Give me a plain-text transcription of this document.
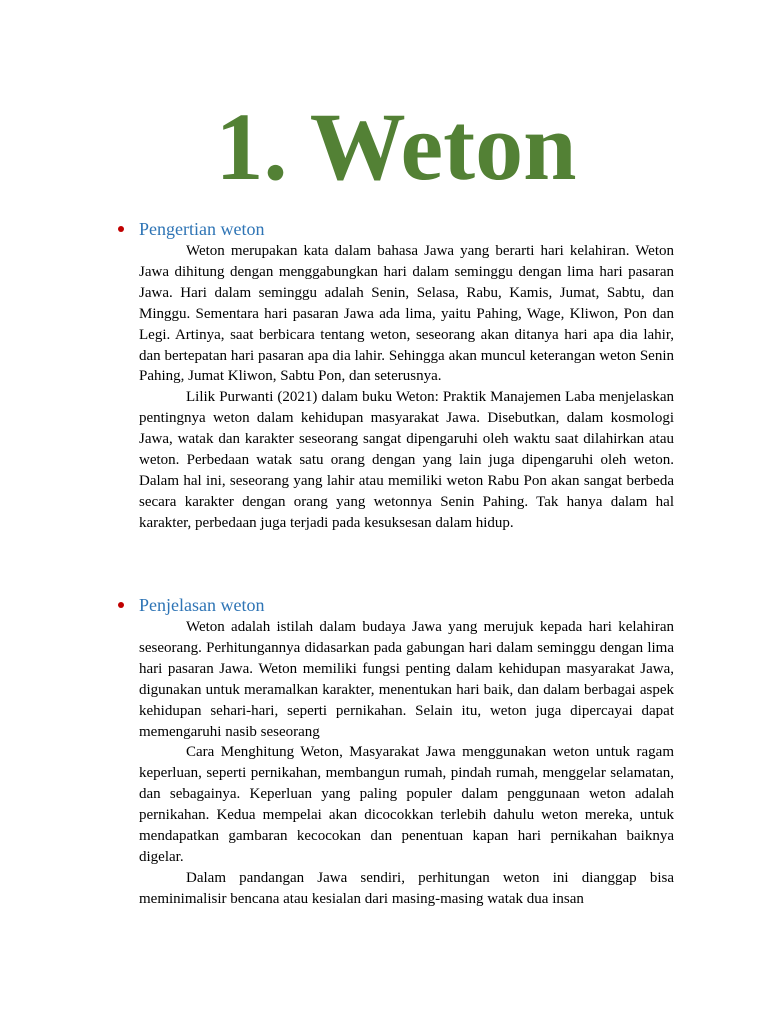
1. Weton
Pengertian weton

Weton merupakan kata dalam bahasa Jawa yang berarti hari kelahiran. Weton Jawa dihitung dengan menggabungkan hari dalam seminggu dengan lima hari pasaran Jawa. Hari dalam seminggu adalah Senin, Selasa, Rabu, Kamis, Jumat, Sabtu, dan Minggu. Sementara hari pasaran Jawa ada lima, yaitu Pahing, Wage, Kliwon, Pon dan Legi. Artinya, saat berbicara tentang weton, seseorang akan ditanya hari apa dia lahir, dan bertepatan hari pasaran apa dia lahir. Sehingga akan muncul keterangan weton Senin Pahing, Jumat Kliwon, Sabtu Pon, dan seterusnya.

Lilik Purwanti (2021) dalam buku Weton: Praktik Manajemen Laba menjelaskan pentingnya weton dalam kehidupan masyarakat Jawa. Disebutkan, dalam kosmologi Jawa, watak dan karakter seseorang sangat dipengaruhi oleh waktu saat dilahirkan atau weton. Perbedaan watak satu orang dengan yang lain juga dipengaruhi oleh weton. Dalam hal ini, seseorang yang lahir atau memiliki weton Rabu Pon akan sangat berbeda secara karakter dengan orang yang wetonnya Senin Pahing. Tak hanya dalam hal karakter, perbedaan juga terjadi pada kesuksesan dalam hidup.

Penjelasan weton

Weton adalah istilah dalam budaya Jawa yang merujuk kepada hari kelahiran seseorang. Perhitungannya didasarkan pada gabungan hari dalam seminggu dengan lima hari pasaran Jawa. Weton memiliki fungsi penting dalam kehidupan masyarakat Jawa, digunakan untuk meramalkan karakter, menentukan hari baik, dan dalam berbagai aspek kehidupan sehari-hari, seperti pernikahan. Selain itu, weton juga dipercayai dapat memengaruhi nasib seseorang

Cara Menghitung Weton, Masyarakat Jawa menggunakan weton untuk ragam keperluan, seperti pernikahan, membangun rumah, pindah rumah, menggelar selamatan, dan sebagainya. Keperluan yang paling populer dalam penggunaan weton adalah pernikahan. Kedua mempelai akan dicocokkan terlebih dahulu weton mereka, untuk mendapatkan gambaran kecocokan dan penentuan kapan hari pernikahan baiknya digelar.

Dalam pandangan Jawa sendiri, perhitungan weton ini dianggap bisa meminimalisir bencana atau kesialan dari masing-masing watak dua insan
